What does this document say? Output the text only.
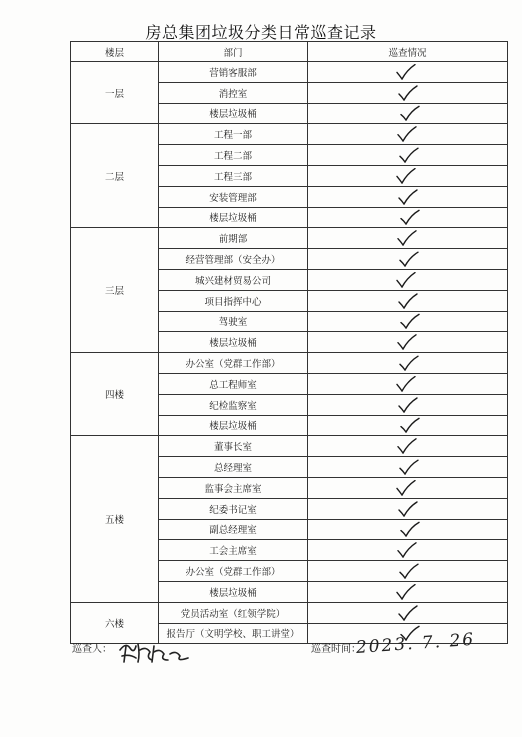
房总集团垃圾分类日常巡查记录
楼层	部门	巡查情况
一层	营销客服部	
	消控室	
	楼层垃圾桶	
二层	工程一部	
	工程二部	
	工程三部	
	安装管理部	
	楼层垃圾桶	
三层	前期部	
	经营管理部（安全办）	
	城兴建材贸易公司	
	项目指挥中心	
	驾驶室	
	楼层垃圾桶	
四楼	办公室（党群工作部）	
	总工程师室	
	纪检监察室	
	楼层垃圾桶	
五楼	董事长室	
	总经理室	
	监事会主席室	
	纪委书记室	
	副总经理室	
	工会主席室	
	办公室（党群工作部）	
	楼层垃圾桶	
六楼	党员活动室（红领学院）	
	报告厅（文明学校、职工讲堂）	
巡查人：	巡查时间：
2023. 7. 26
